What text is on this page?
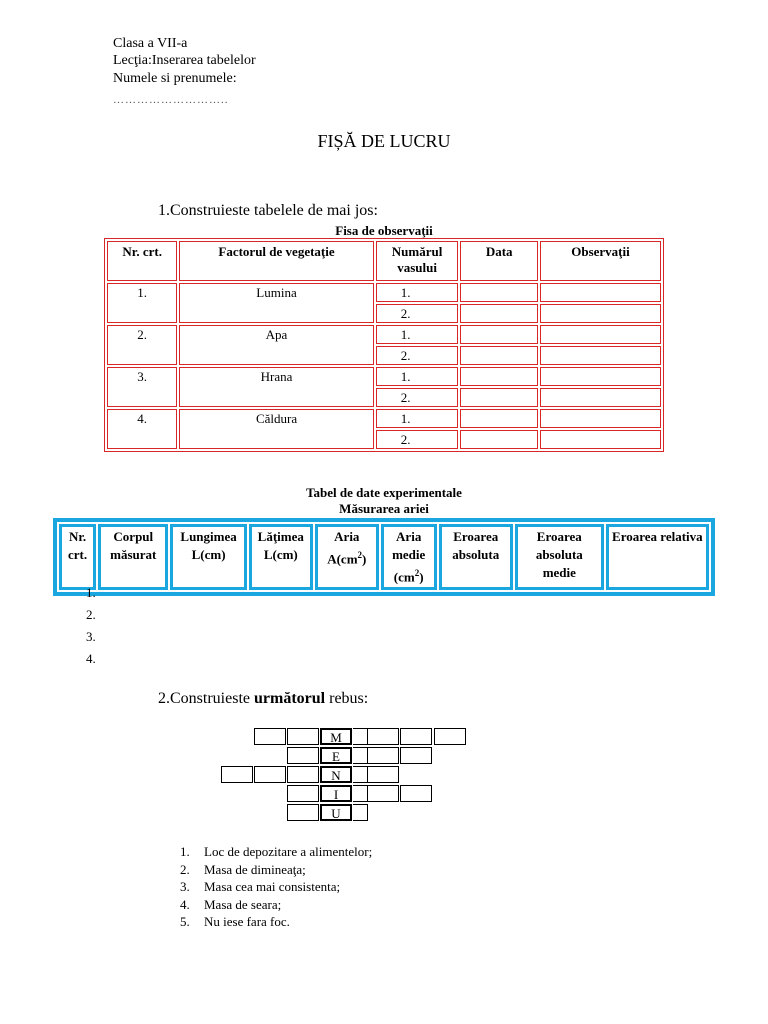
Clasa a VII-a
Lecţia:Inserarea tabelelor
Numele si prenumele:
………………………..
FIȘĂ DE LUCRU
1.Construieste tabelele de mai jos:
Fisa de observaţii
Nr. crt.	Factorul de vegetaţie	Numărul vasului	Data	Observaţii
1.	Lumina	1.		
		2.		
2.	Apa	1.		
		2.		
3.	Hrana	1.		
		2.		
4.	Căldura	1.		
		2.		
Tabel de date experimentale
Măsurarea ariei
Nr. crt.	Corpul măsurat	Lungimea L(cm)	Lăţimea L(cm)	Aria $A(cm^2)$	Aria medie $(cm^2)$	Eroarea absoluta	Eroarea absoluta medie	Eroarea relativa
1.
2.
3.
4.
2.Construieste următorul rebus:
M
E
N
I
U
1. Loc de depozitare a alimentelor;
2. Masa de dimineaţa;
3. Masa cea mai consistenta;
4. Masa de seara;
5. Nu iese fara foc.
